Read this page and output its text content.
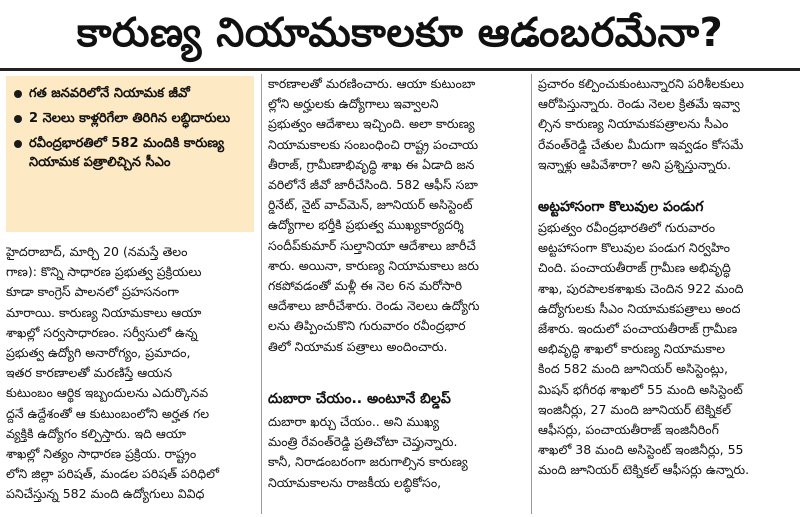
కారుణ్య నియామకాలకూ ఆడంబరమేనా?
గత జనవరిలోనే నియామక జీవో
2 నెలలు కాళ్లరిగేలా తిరిగిన లబ్ధిదారులు
రవీంద్రభారతిలో 582 మందికి కారుణ్య నియామక పత్రాలిచ్చిన సీఎం
హైదరాబాద్‌, మార్చి 20 (నమస్తే తెలం
గాణ): కొన్ని సాధారణ ప్రభుత్వ ప్రక్రియలు
కూడా కాంగ్రెస్‌ పాలనలో ప్రహసనంగా
మారాయి. కారుణ్య నియామకాలు ఆయా
శాఖల్లో సర్వసాధారణం. సర్వీసులో ఉన్న
ప్రభుత్వ ఉద్యోగి అనారోగ్యం, ప్రమాదం,
ఇతర కారణాలతో మరణిస్తే ఆయన
కుటుంబం ఆర్థిక ఇబ్బందులను ఎదుర్కొనవ
ద్దనే ఉద్దేశంతో ఆ కుటుంబంలోని అర్హత గల
వ్యక్తికి ఉద్యోగం కల్పిస్తారు. ఇది ఆయా
శాఖల్లో నిత్యం సాధారణ ప్రక్రియ. రాష్ట్రం
లోని జిల్లా పరిషత్‌, మండల పరిషత్‌ పరిధిలో
పనిచేస్తున్న 582 మంది ఉద్యోగులు వివిధ
కారణాలతో మరణించారు. ఆయా కుటుంబా
ల్లోని అర్హులకు ఉద్యోగాలు ఇవ్వాలని
ప్రభుత్వం ఆదేశాలు ఇచ్చింది. అలా కారుణ్య
నియామకాలకు సంబంధించి రాష్ట్ర పంచాయ
తీరాజ్‌, గ్రామీణాభివృద్ధి శాఖ ఈ ఏడాది జన
వరిలోనే జీవో జారీచేసింది. 582 ఆఫీస్‌ సబా
ర్డినేట్‌, నైట్‌ వాచ్‌మెన్‌, జూనియర్‌ అసిస్టెంట్‌
ఉద్యోగాల భర్తీకి ప్రభుత్వ ముఖ్యకార్యదర్శి
సందీప్‌కుమార్‌ సుల్తానియా ఆదేశాలు జారీచే
శారు. అయినా, కారుణ్య నియామకాలు జరు
గకపోవడంతో మళ్లీ ఈ నెల 6న మరోసారి
ఆదేశాలు జారీచేశారు. రెండు నెలలు ఉద్యోగు
లను తిప్పించుకొని గురువారం రవీంద్రభార
తిలో నియామక పత్రాలు అందించారు.

దుబారా చేయం.. అంటూనే బిల్డప్‌

దుబారా ఖర్చు చేయం.. అని ముఖ్య
మంత్రి రేవంత్‌రెడ్డి ప్రతిచోటా చెప్తున్నారు.
కానీ, నిరాడంబరంగా జరుగాల్సిన కారుణ్య
నియామకాలను రాజకీయ లబ్ధికోసం,
ప్రచారం కల్పించుకుంటున్నారని పరిశీలకులు
ఆరోపిస్తున్నారు. రెండు నెలల క్రితమే ఇవ్వా
ల్సిన కారుణ్య నియామకపత్రాలను సీఎం
రేవంత్‌రెడ్డి చేతుల మీదుగా ఇవ్వడం కోసమే
ఇన్నాళ్లు ఆపివేశారా? అని ప్రశ్నిస్తున్నారు.

అట్టహాసంగా కొలువుల పండుగ

ప్రభుత్వం రవీంద్రభారతిలో గురువారం
అట్టహాసంగా కొలువుల పండుగ నిర్వహిం
చింది. పంచాయతీరాజ్‌ గ్రామీణ అభివృద్ధి
శాఖ, పురపాలకశాఖకు చెందిన 922 మంది
ఉద్యోగులకు సీఎం నియామకపత్రాలు అంద
జేశారు. ఇందులో పంచాయతీరాజ్‌ గ్రామీణ
అభివృద్ధి శాఖలో కారుణ్య నియామకాల
కింద 582 మంది జూనియర్‌ అసిస్టెంట్లు,
మిషన్‌ భగీరథ శాఖలో 55 మంది అసిస్టెంట్‌
ఇంజినీర్లు, 27 మంది జూనియర్‌ టెక్నికల్‌
ఆఫీసర్లు, పంచాయతీరాజ్‌ ఇంజినీరింగ్‌
శాఖలో 38 మంది అసిస్టెంట్‌ ఇంజినీర్లు, 55
మంది జూనియర్‌ టెక్నికల్‌ ఆఫీసర్లు ఉన్నారు.
